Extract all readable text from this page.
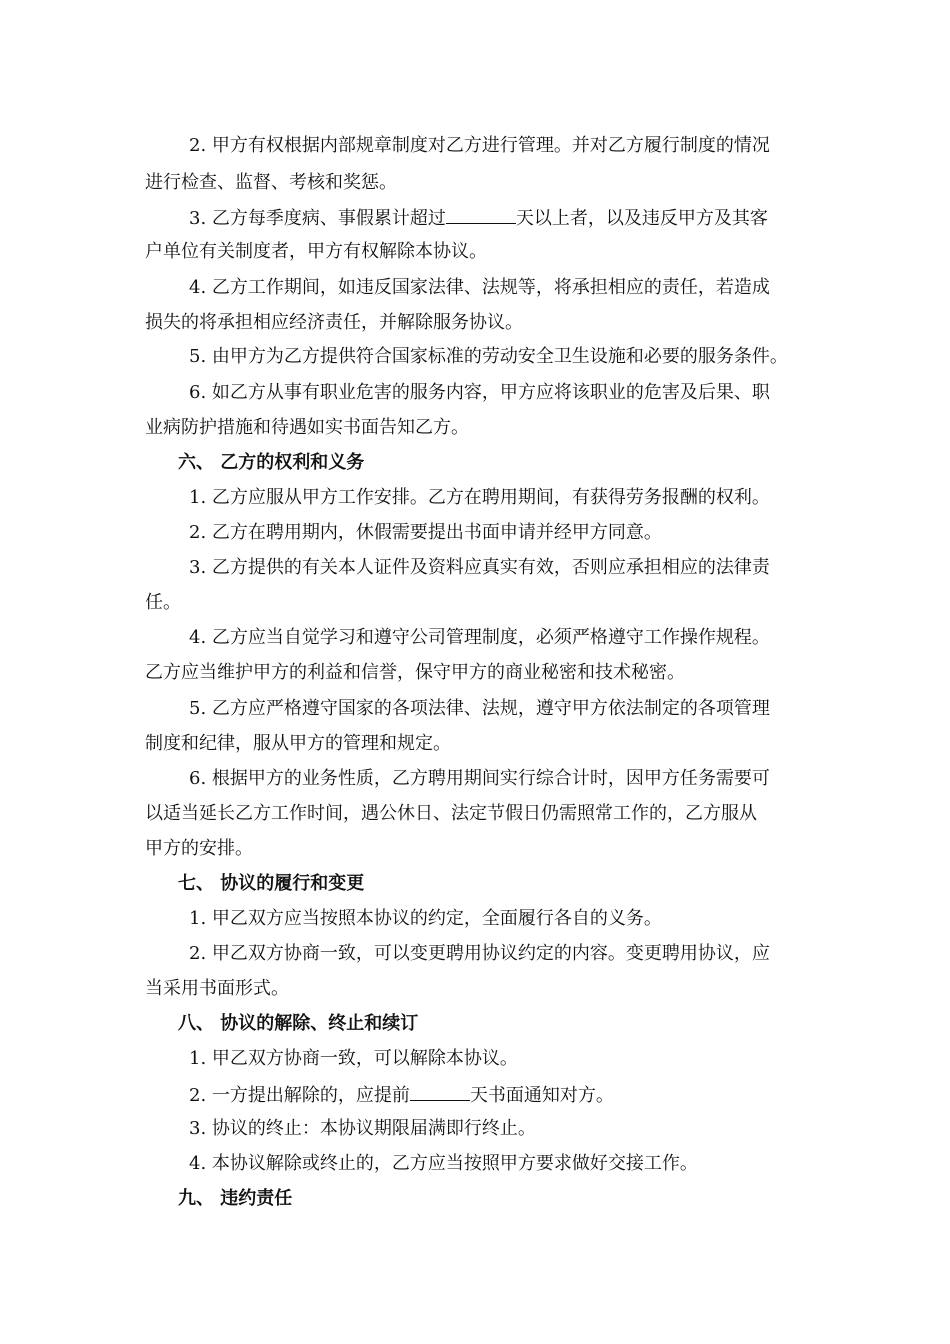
2. 甲方有权根据内部规章制度对乙方进行管理。并对乙方履行制度的情况
进行检查、监督、考核和奖惩。
3. 乙方每季度病、事假累计超过	天以上者，以及违反甲方及其客
户单位有关制度者，甲方有权解除本协议。
4. 乙方工作期间，如违反国家法律、法规等，将承担相应的责任，若造成
损失的将承担相应经济责任，并解除服务协议。
5. 由甲方为乙方提供符合国家标准的劳动安全卫生设施和必要的服务条件。
6. 如乙方从事有职业危害的服务内容，甲方应将该职业的危害及后果、职
业病防护措施和待遇如实书面告知乙方。
六、 乙方的权利和义务
1. 乙方应服从甲方工作安排。乙方在聘用期间，有获得劳务报酬的权利。
2. 乙方在聘用期内，休假需要提出书面申请并经甲方同意。
3. 乙方提供的有关本人证件及资料应真实有效，否则应承担相应的法律责
任。
4. 乙方应当自觉学习和遵守公司管理制度，必须严格遵守工作操作规程。
乙方应当维护甲方的利益和信誉，保守甲方的商业秘密和技术秘密。
5. 乙方应严格遵守国家的各项法律、法规，遵守甲方依法制定的各项管理
制度和纪律，服从甲方的管理和规定。
6. 根据甲方的业务性质，乙方聘用期间实行综合计时，因甲方任务需要可
以适当延长乙方工作时间，遇公休日、法定节假日仍需照常工作的，乙方服从
甲方的安排。
七、 协议的履行和变更
1. 甲乙双方应当按照本协议的约定，全面履行各自的义务。
2. 甲乙双方协商一致，可以变更聘用协议约定的内容。变更聘用协议，应
当采用书面形式。
八、 协议的解除、终止和续订
1. 甲乙双方协商一致，可以解除本协议。
2. 一方提出解除的，应提前	天书面通知对方。
3. 协议的终止：本协议期限届满即行终止。
4. 本协议解除或终止的，乙方应当按照甲方要求做好交接工作。
九、 违约责任
